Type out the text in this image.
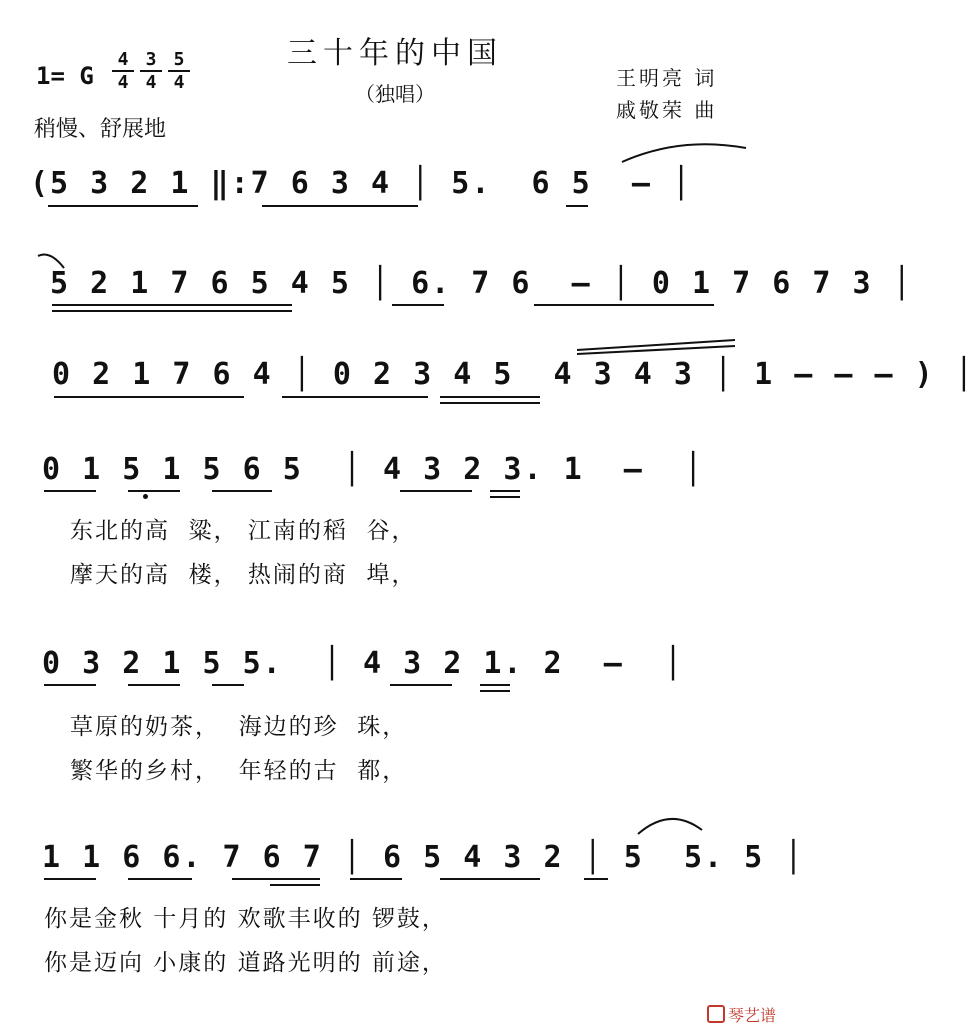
三十年的中国
（独唱）
1= G
4
4
3
4
5
4
稍慢、舒展地
王明亮 词
戚敬荣 曲
(5 3 2 1 ‖:7 6 3 4 │ 5.  6 5  – │
5 2 1 7 6 5 4 5 │ 6. 7 6  – │ 0 1 7 6 7 3 │
0 2 1 7 6 4 │ 0 2 3 4 5  4 3 4 3 │ 1 – – – ) │
0 1 5 1 5 6 5  │ 4 3 2 3. 1  –  │
东北的高  粱， 江南的稻  谷，
摩天的高  楼， 热闹的商  埠，
0 3 2 1 5 5.  │ 4 3 2 1. 2  –  │
草原的奶茶，  海边的珍  珠，
繁华的乡村，  年轻的古  都，
1 1 6 6. 7 6 7 │ 6 5 4 3 2 │ 5  5. 5 │
你是金秋 十月的 欢歌丰收的 锣鼓，
你是迈向 小康的 道路光明的 前途，
琴艺谱
